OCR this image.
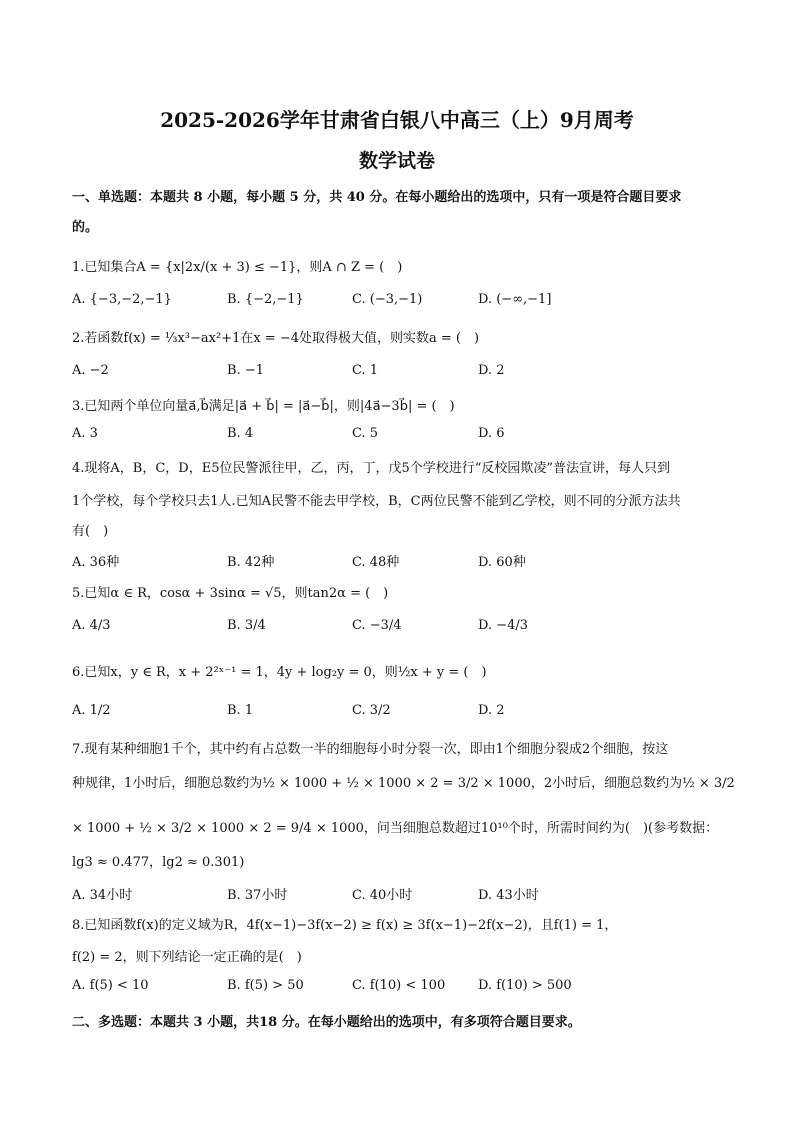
2025-2026学年甘肃省白银八中高三（上）9月周考
数学试卷
一、单选题：本题共 8 小题，每小题 5 分，共 40 分。在每小题给出的选项中，只有一项是符合题目要求
的。
1.已知集合A = {x|2x/(x + 3) ≤ −1}，则A ∩ Z = (　)
A. {−3,−2,−1}	B. {−2,−1}	C. (−3,−1)	D. (−∞,−1]
2.若函数f(x) = ⅓x³−ax²+1在x = −4处取得极大值，则实数a = (　)
A. −2	B. −1	C. 1	D. 2
3.已知两个单位向量a⃗,b⃗满足|a⃗ + b⃗| = |a⃗−b⃗|，则|4a⃗−3b⃗| = (　)
A. 3	B. 4	C. 5	D. 6
4.现将A，B，C，D，E5位民警派往甲，乙，丙，丁，戊5个学校进行“反校园欺凌”普法宣讲，每人只到
1个学校，每个学校只去1人.已知A民警不能去甲学校，B，C两位民警不能到乙学校，则不同的分派方法共
有(　)
A. 36种	B. 42种	C. 48种	D. 60种
5.已知α ∈ R，cosα + 3sinα = √5，则tan2α = (　)
A. 4/3	B. 3/4	C. −3/4	D. −4/3
6.已知x，y ∈ R，x + 2²ˣ⁻¹ = 1，4y + log₂y = 0，则½x + y = (　)
A. 1/2	B. 1	C. 3/2	D. 2
7.现有某种细胞1千个，其中约有占总数一半的细胞每小时分裂一次，即由1个细胞分裂成2个细胞，按这
种规律，1小时后，细胞总数约为½ × 1000 + ½ × 1000 × 2 = 3/2 × 1000，2小时后，细胞总数约为½ × 3/2
× 1000 + ½ × 3/2 × 1000 × 2 = 9/4 × 1000，问当细胞总数超过10¹⁰个时，所需时间约为(　)(参考数据：
lg3 ≈ 0.477，lg2 ≈ 0.301)
A. 34小时	B. 37小时	C. 40小时	D. 43小时
8.已知函数f(x)的定义域为R，4f(x−1)−3f(x−2) ≥ f(x) ≥ 3f(x−1)−2f(x−2)，且f(1) = 1，
f(2) = 2，则下列结论一定正确的是(　)
A. f(5) < 10	B. f(5) > 50	C. f(10) < 100	D. f(10) > 500
二、多选题：本题共 3 小题，共18 分。在每小题给出的选项中，有多项符合题目要求。
